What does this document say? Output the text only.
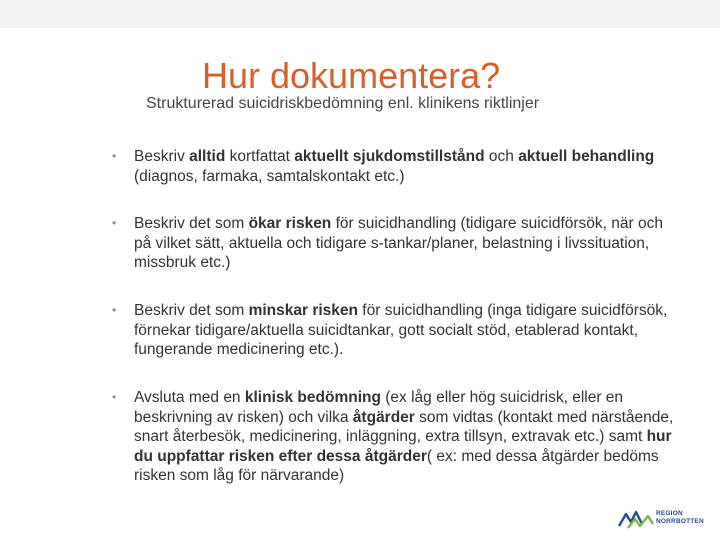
Hur dokumentera?
Strukturerad suicidriskbedömning enl. klinikens riktlinjer
• Beskriv alltid kortfattat aktuellt sjukdomstillstånd och aktuell behandling (diagnos, farmaka, samtalskontakt etc.)
• Beskriv det som ökar risken för suicidhandling (tidigare suicidförsök, när och på vilket sätt, aktuella och tidigare s-tankar/planer, belastning i livssituation, missbruk etc.)
• Beskriv det som minskar risken för suicidhandling (inga tidigare suicidförsök, förnekar tidigare/aktuella suicidtankar, gott socialt stöd, etablerad kontakt, fungerande medicinering etc.).
• Avsluta med en klinisk bedömning (ex låg eller hög suicidrisk, eller en beskrivning av risken) och vilka åtgärder som vidtas (kontakt med närstående, snart återbesök, medicinering, inläggning, extra tillsyn, extravak etc.) samt hur du uppfattar risken efter dessa åtgärder( ex: med dessa åtgärder bedöms risken som låg för närvarande)
REGION
NORRBOTTEN
